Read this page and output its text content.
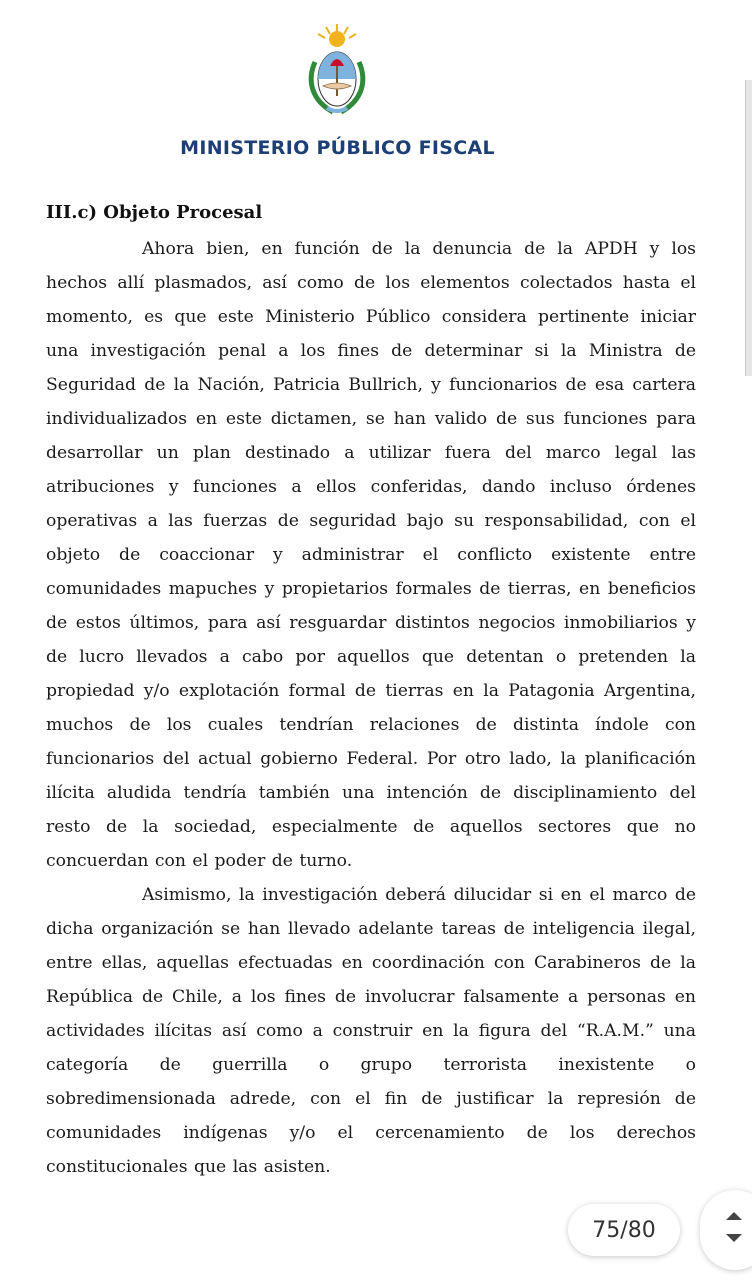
MINISTERIO PÚBLICO FISCAL
III.c) Objeto Procesal

Ahora bien, en función de la denuncia de la APDH y los hechos allí plasmados, así como de los elementos colectados hasta el momento, es que este Ministerio Público considera pertinente iniciar una investigación penal a los fines de determinar si la Ministra de Seguridad de la Nación, Patricia Bullrich, y funcionarios de esa cartera individualizados en este dictamen, se han valido de sus funciones para desarrollar un plan destinado a utilizar fuera del marco legal las atribuciones y funciones a ellos conferidas, dando incluso órdenes operativas a las fuerzas de seguridad bajo su responsabilidad, con el objeto de coaccionar y administrar el conflicto existente entre comunidades mapuches y propietarios formales de tierras, en beneficios de estos últimos, para así resguardar distintos negocios inmobiliarios y de lucro llevados a cabo por aquellos que detentan o pretenden la propiedad y/o explotación formal de tierras en la Patagonia Argentina, muchos de los cuales tendrían relaciones de distinta índole con funcionarios del actual gobierno Federal. Por otro lado, la planificación ilícita aludida tendría también una intención de disciplinamiento del resto de la sociedad, especialmente de aquellos sectores que no concuerdan con el poder de turno.

Asimismo, la investigación deberá dilucidar si en el marco de dicha organización se han llevado adelante tareas de inteligencia ilegal, entre ellas, aquellas efectuadas en coordinación con Carabineros de la República de Chile, a los fines de involucrar falsamente a personas en actividades ilícitas así como a construir en la figura del “R.A.M.” una categoría de guerrilla o grupo terrorista inexistente o sobredimensionada adrede, con el fin de justificar la represión de comunidades indígenas y/o el cercenamiento de los derechos constitucionales que las asisten.

75/80
